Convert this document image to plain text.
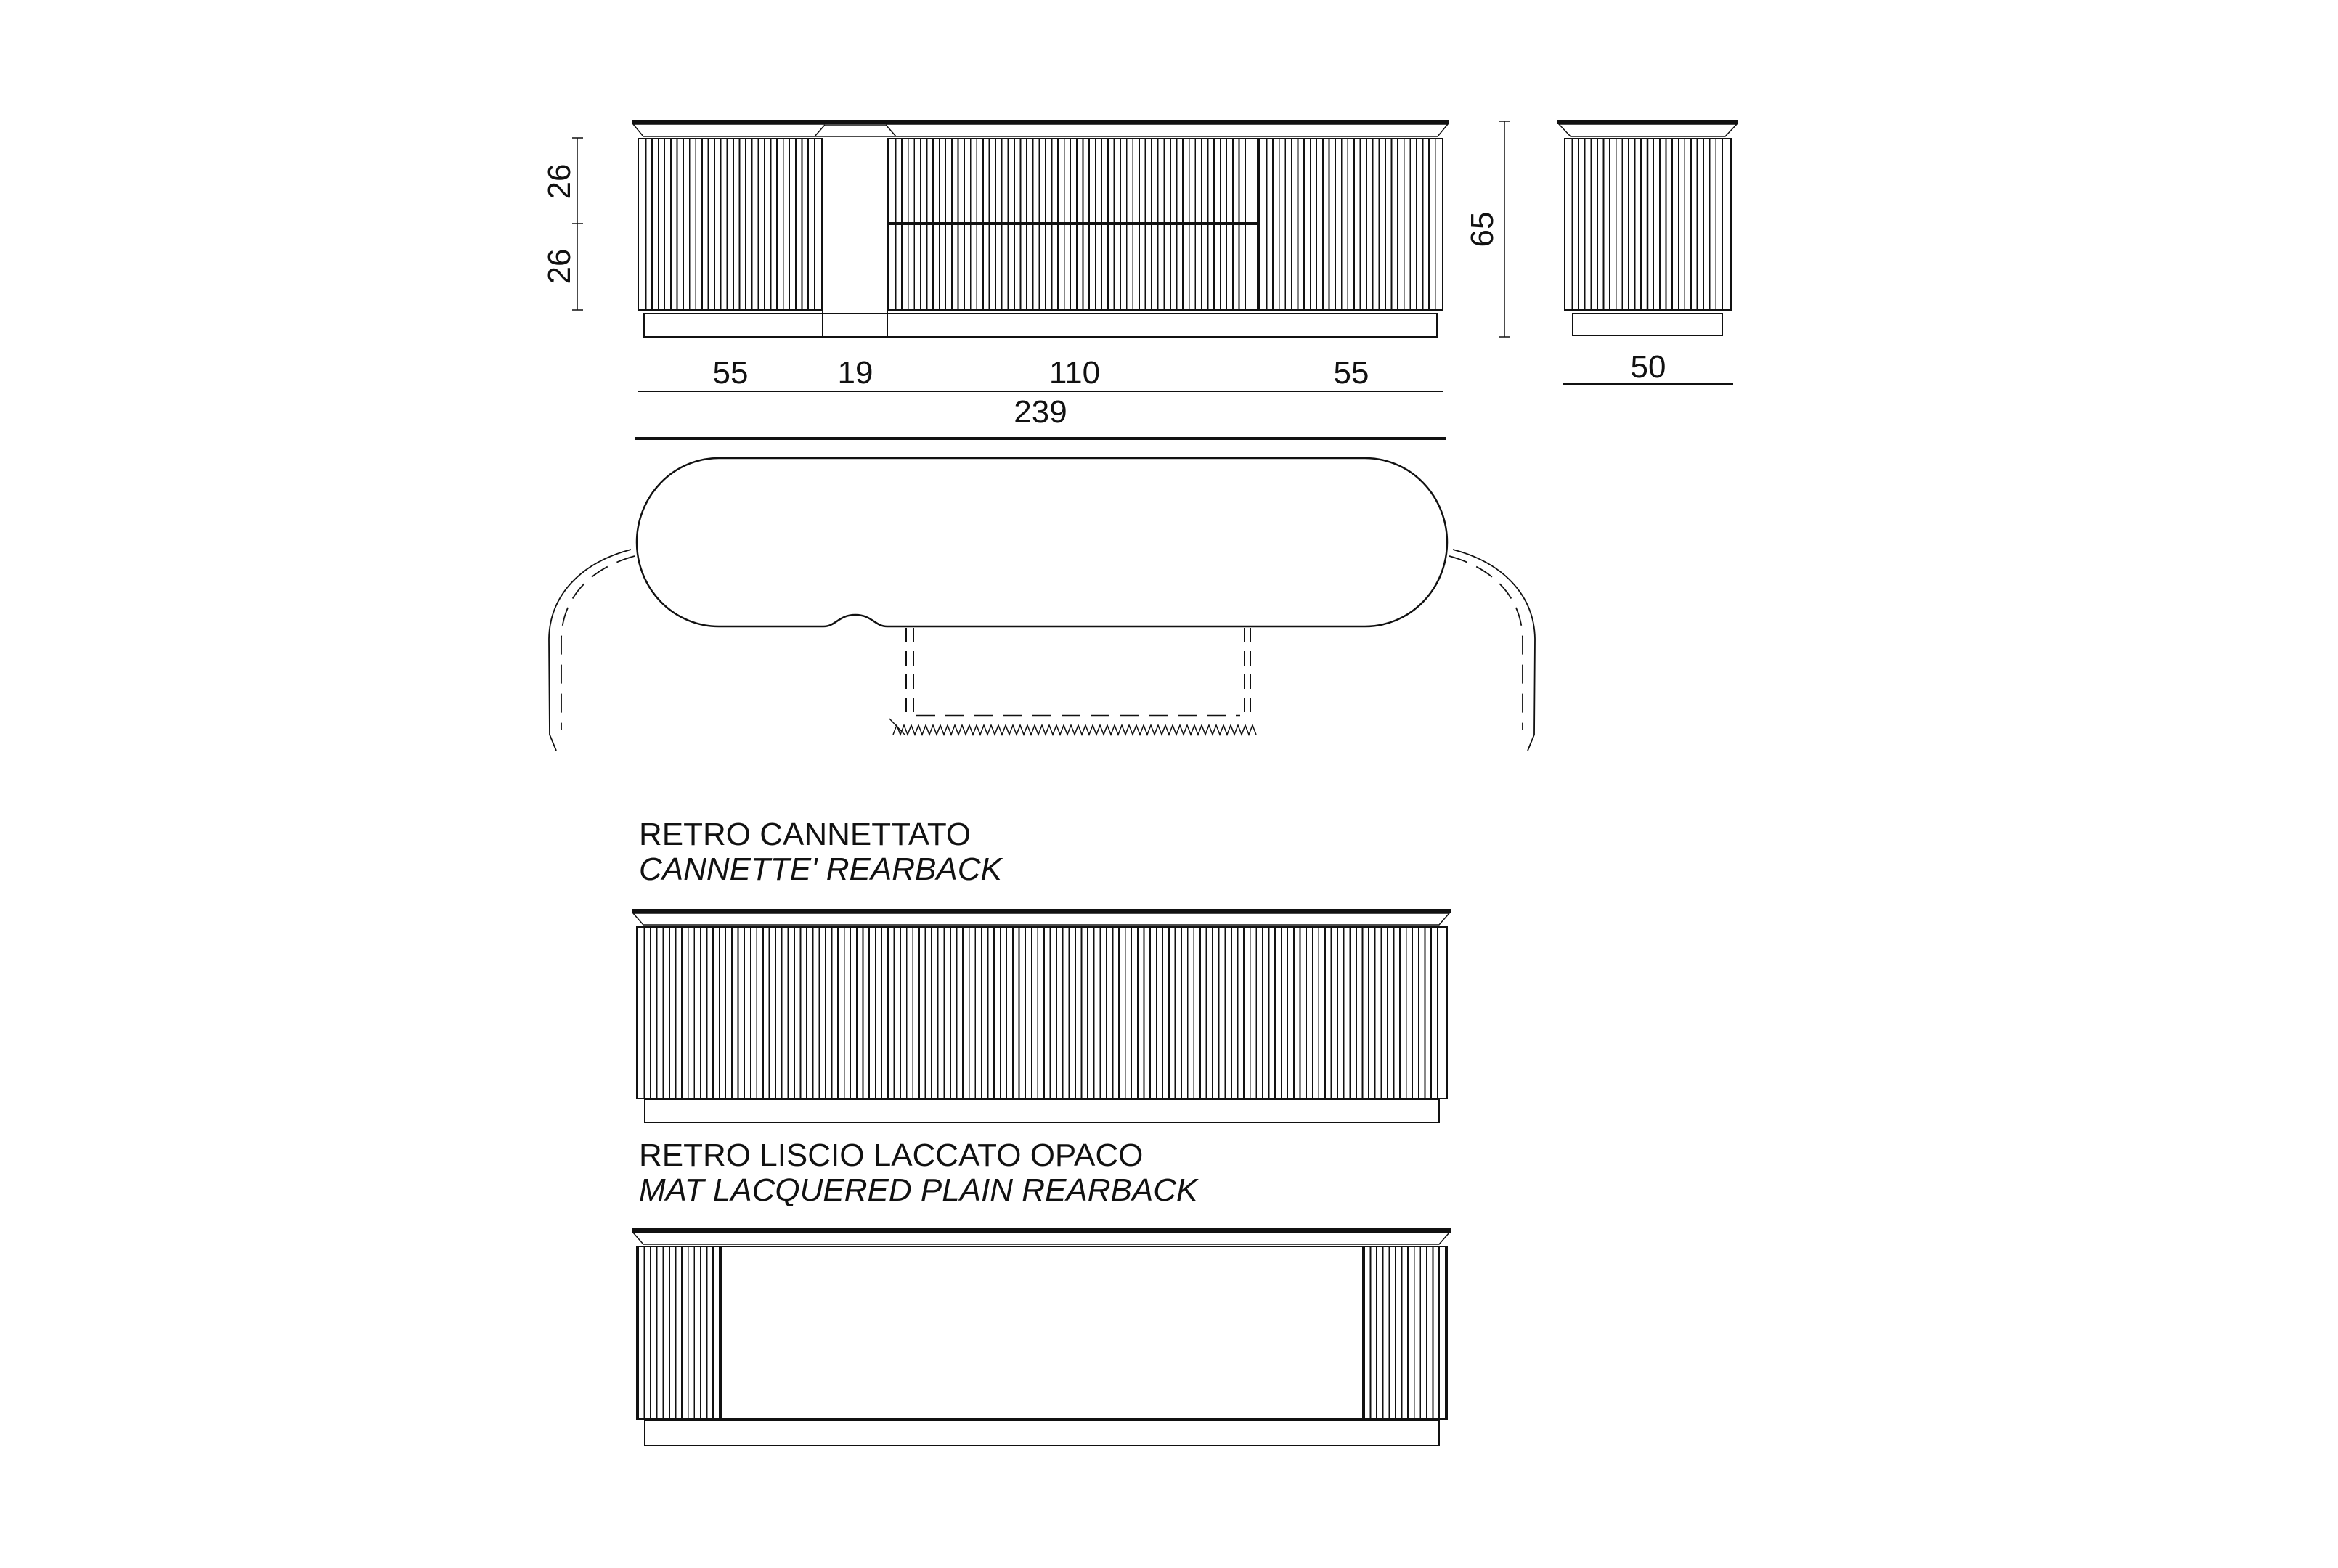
26
26
55	19	110	55
239
65
50
RETRO CANNETTATO
CANNETTE' REARBACK
RETRO LISCIO LACCATO OPACO
MAT LACQUERED PLAIN REARBACK
